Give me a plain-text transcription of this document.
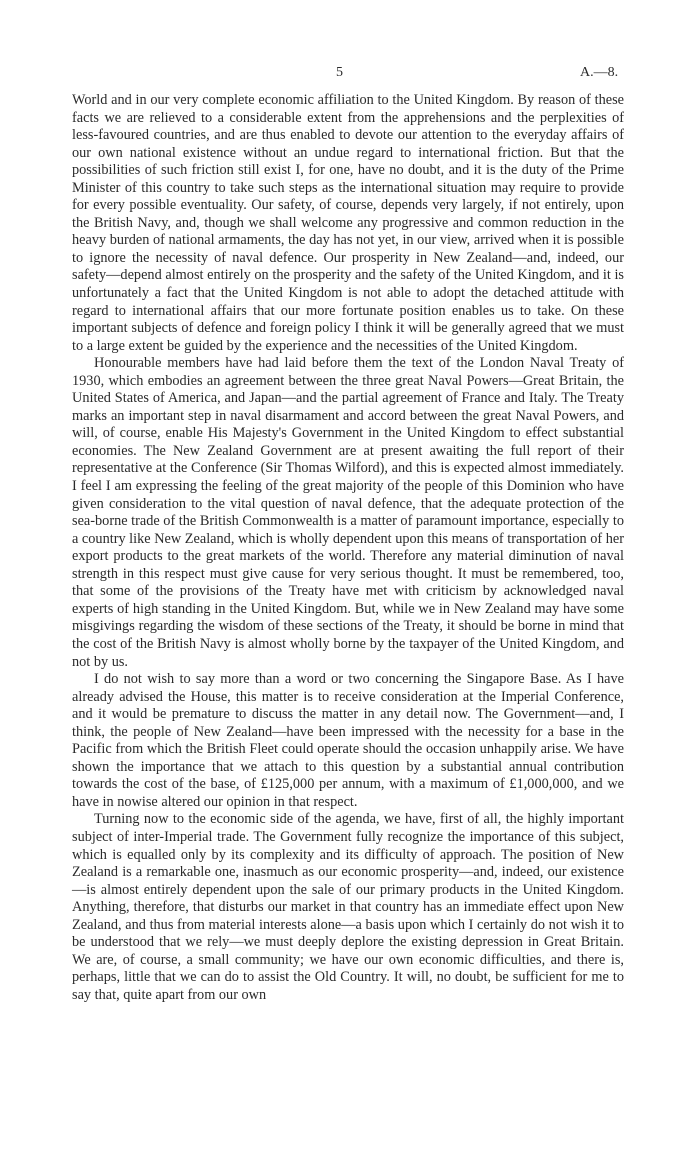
5	A.—8.

World and in our very complete economic affiliation to the United Kingdom. By reason of these facts we are relieved to a considerable extent from the apprehensions and the perplexities of less-favoured countries, and are thus enabled to devote our attention to the everyday affairs of our own national existence without an undue regard to international friction. But that the possibilities of such friction still exist I, for one, have no doubt, and it is the duty of the Prime Minister of this country to take such steps as the international situation may require to provide for every possible eventuality. Our safety, of course, depends very largely, if not entirely, upon the British Navy, and, though we shall welcome any progressive and common reduction in the heavy burden of national armaments, the day has not yet, in our view, arrived when it is possible to ignore the necessity of naval defence. Our prosperity in New Zealand—and, indeed, our safety—depend almost entirely on the prosperity and the safety of the United Kingdom, and it is unfortunately a fact that the United Kingdom is not able to adopt the detached attitude with regard to international affairs that our more fortunate position enables us to take. On these important subjects of defence and foreign policy I think it will be generally agreed that we must to a large extent be guided by the experience and the necessities of the United Kingdom.

Honourable members have had laid before them the text of the London Naval Treaty of 1930, which embodies an agreement between the three great Naval Powers—Great Britain, the United States of America, and Japan—and the partial agreement of France and Italy. The Treaty marks an important step in naval disarmament and accord between the great Naval Powers, and will, of course, enable His Majesty's Government in the United Kingdom to effect substantial economies. The New Zealand Government are at present awaiting the full report of their representative at the Conference (Sir Thomas Wilford), and this is expected almost immediately. I feel I am expressing the feeling of the great majority of the people of this Dominion who have given consideration to the vital question of naval defence, that the adequate protection of the sea-borne trade of the British Commonwealth is a matter of paramount importance, especially to a country like New Zealand, which is wholly dependent upon this means of transportation of her export products to the great markets of the world. Therefore any material diminution of naval strength in this respect must give cause for very serious thought. It must be remembered, too, that some of the provisions of the Treaty have met with criticism by acknowledged naval experts of high standing in the United Kingdom. But, while we in New Zealand may have some misgivings regarding the wisdom of these sections of the Treaty, it should be borne in mind that the cost of the British Navy is almost wholly borne by the taxpayer of the United Kingdom, and not by us.

I do not wish to say more than a word or two concerning the Singapore Base. As I have already advised the House, this matter is to receive consideration at the Imperial Conference, and it would be premature to discuss the matter in any detail now. The Government—and, I think, the people of New Zealand—have been impressed with the necessity for a base in the Pacific from which the British Fleet could operate should the occasion unhappily arise. We have shown the importance that we attach to this question by a substantial annual contribution towards the cost of the base, of £125,000 per annum, with a maximum of £1,000,000, and we have in nowise altered our opinion in that respect.

Turning now to the economic side of the agenda, we have, first of all, the highly important subject of inter-Imperial trade. The Government fully recognize the importance of this subject, which is equalled only by its complexity and its difficulty of approach. The position of New Zealand is a remarkable one, inasmuch as our economic prosperity—and, indeed, our existence—is almost entirely dependent upon the sale of our primary products in the United Kingdom. Anything, therefore, that disturbs our market in that country has an immediate effect upon New Zealand, and thus from material interests alone—a basis upon which I certainly do not wish it to be understood that we rely—we must deeply deplore the existing depression in Great Britain. We are, of course, a small community; we have our own economic difficulties, and there is, perhaps, little that we can do to assist the Old Country. It will, no doubt, be sufficient for me to say that, quite apart from our own
